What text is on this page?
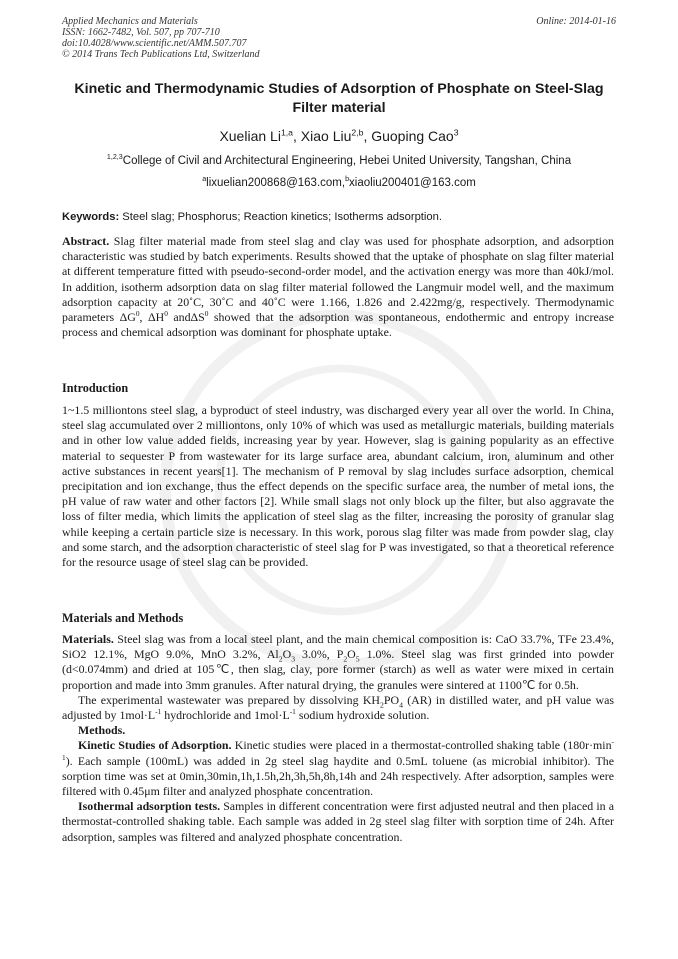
Applied Mechanics and Materials
ISSN: 1662-7482, Vol. 507, pp 707-710
doi:10.4028/www.scientific.net/AMM.507.707
© 2014 Trans Tech Publications Ltd, Switzerland
Online: 2014-01-16
Kinetic and Thermodynamic Studies of Adsorption of Phosphate on Steel-Slag Filter material
Xuelian Li$^{1,a}$, Xiao Liu$^{2,b}$, Guoping Cao$^3$
$^{1,2,3}$College of Civil and Architectural Engineering, Hebei United University, Tangshan, China
$^a$lixuelian200868@163.com,$^b$xiaoliu200401@163.com
Keywords: Steel slag; Phosphorus; Reaction kinetics; Isotherms adsorption.

Abstract. Slag filter material made from steel slag and clay was used for phosphate adsorption, and adsorption characteristic was studied by batch experiments. Results showed that the uptake of phosphate on slag filter material at different temperature fitted with pseudo-second-order model, and the activation energy was more than 40kJ/mol. In addition, isotherm adsorption data on slag filter material followed the Langmuir model well, and the maximum adsorption capacity at 20˚C, 30˚C and 40˚C were 1.166, 1.826 and 2.422mg/g, respectively. Thermodynamic parameters $\Delta G^0$, $\Delta H^0$ andΔS$^0$ showed that the adsorption was spontaneous, endothermic and entropy increase process and chemical adsorption was dominant for phosphate uptake.

Introduction

1~1.5 milliontons steel slag, a byproduct of steel industry, was discharged every year all over the world. In China, steel slag accumulated over 2 milliontons, only 10% of which was used as metallurgic materials, building materials and in other low value added fields, increasing year by year. However, slag is gaining popularity as an effective material to sequester P from wastewater for its large surface area, abundant calcium, iron, aluminum and other active substances in recent years[1]. The mechanism of P removal by slag includes surface adsorption, chemical precipitation and ion exchange, thus the effect depends on the specific surface area, the number of metal ions, the pH value of raw water and other factors [2]. While small slags not only block up the filter, but also aggravate the loss of filter media, which limits the application of steel slag as the filter, increasing the porosity of granular slag while keeping a certain particle size is necessary. In this work, porous slag filter was made from powder slag, clay and some starch, and the adsorption characteristic of steel slag for P was investigated, so that a theoretical reference for the resource usage of steel slag can be provided.

Materials and Methods

Materials. Steel slag was from a local steel plant, and the main chemical composition is: CaO 33.7%, TFe 23.4%, SiO2 12.1%, MgO 9.0%, MnO 3.2%, $Al_2O_3$ 3.0%, $P_2O_5$ 1.0%. Steel slag was first grinded into powder (d<0.074mm) and dried at 105℃, then slag, clay, pore former (starch) as well as water were mixed in certain proportion and made into 3mm granules. After natural drying, the granules were sintered at 1100℃ for 0.5h.

The experimental wastewater was prepared by dissolving $KH_2PO_4$ (AR) in distilled water, and pH value was adjusted by $1mol\cdot L^{-1}$ hydrochloride and $1mol\cdot L^{-1}$ sodium hydroxide solution.

Methods.

Kinetic Studies of Adsorption. Kinetic studies were placed in a thermostat-controlled shaking table $(180r\cdot\min^{-1})$. Each sample (100mL) was added in 2g steel slag haydite and 0.5mL toluene (as microbial inhibitor). The sorption time was set at 0min,30min,1h,1.5h,2h,3h,5h,8h,14h and 24h respectively. After adsorption, samples were filtered with 0.45μm filter and analyzed phosphate concentration.

Isothermal adsorption tests. Samples in different concentration were first adjusted neutral and then placed in a thermostat-controlled shaking table. Each sample was added in 2g steel slag filter with sorption time of 24h. After adsorption, samples was filtered and analyzed phosphate concentration.
